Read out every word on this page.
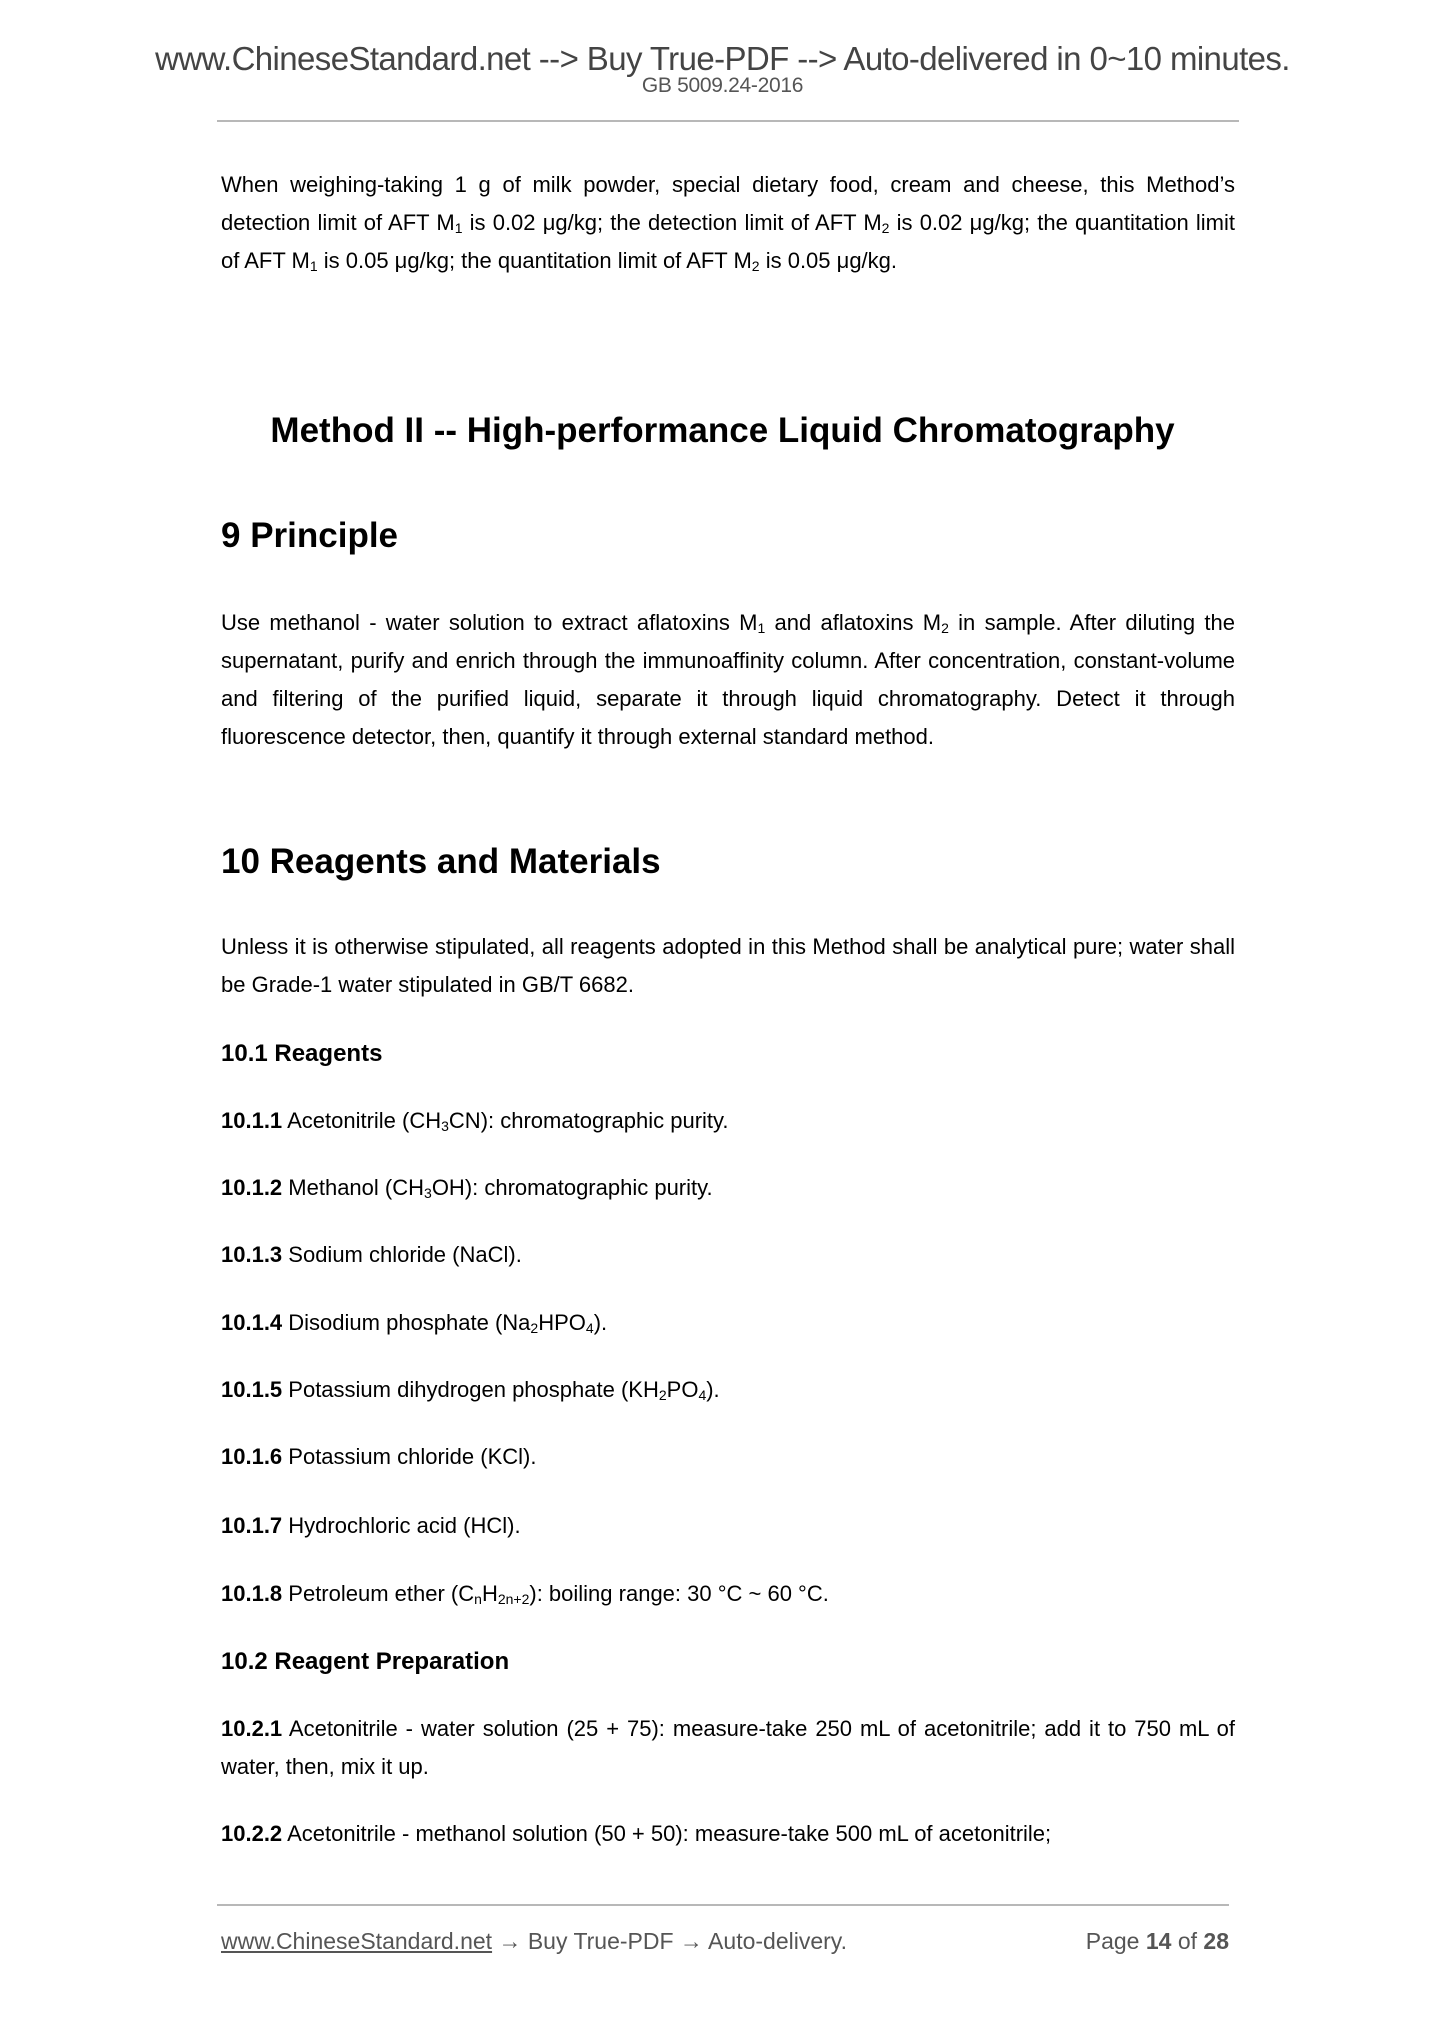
www.ChineseStandard.net --> Buy True-PDF --> Auto-delivered in 0~10 minutes.
GB 5009.24-2016
When weighing-taking 1 g of milk powder, special dietary food, cream and cheese, this Method’s detection limit of AFT $M_1$ is 0.02 μg/kg; the detection limit of AFT $M_2$ is 0.02 μg/kg; the quantitation limit of AFT $M_1$ is 0.05 μg/kg; the quantitation limit of AFT $M_2$ is 0.05 μg/kg.
Method II -- High-performance Liquid Chromatography
9 Principle
Use methanol - water solution to extract aflatoxins $M_1$ and aflatoxins $M_2$ in sample. After diluting the supernatant, purify and enrich through the immunoaffinity column. After concentration, constant-volume and filtering of the purified liquid, separate it through liquid chromatography. Detect it through fluorescence detector, then, quantify it through external standard method.
10 Reagents and Materials
Unless it is otherwise stipulated, all reagents adopted in this Method shall be analytical pure; water shall be Grade-1 water stipulated in GB/T 6682.
10.1 Reagents
10.1.1 Acetonitrile $(CH_3CN)$: chromatographic purity.
10.1.2 Methanol $(CH_3OH)$: chromatographic purity.
10.1.3 Sodium chloride (NaCl).
10.1.4 Disodium phosphate $(Na_2HPO_4)$.
10.1.5 Potassium dihydrogen phosphate $(KH_2PO_4)$.
10.1.6 Potassium chloride (KCl).
10.1.7 Hydrochloric acid (HCl).
10.1.8 Petroleum ether $(C_nH_{2n+2})$: boiling range: 30 °C ~ 60 °C.
10.2 Reagent Preparation
10.2.1 Acetonitrile - water solution (25 + 75): measure-take 250 mL of acetonitrile; add it to 750 mL of water, then, mix it up.
10.2.2 Acetonitrile - methanol solution (50 + 50): measure-take 500 mL of acetonitrile;
www.ChineseStandard.net → Buy True-PDF → Auto-delivery.	Page 14 of 28
